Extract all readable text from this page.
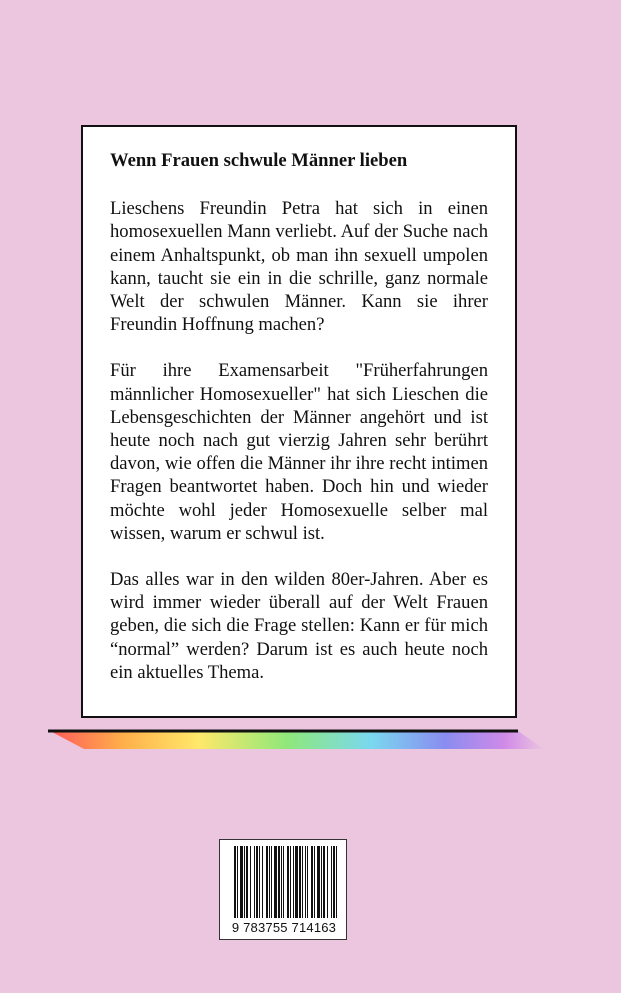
Wenn Frauen schwule Männer lieben
Lieschens Freundin Petra hat sich in einen homosexuellen Mann verliebt. Auf der Suche nach einem Anhaltspunkt, ob man ihn sexuell umpolen kann, taucht sie ein in die schrille, ganz normale Welt der schwulen Männer. Kann sie ihrer Freundin Hoffnung machen?
Für ihre Examensarbeit "Früherfahrungen männlicher Homosexueller" hat sich Lieschen die Lebensgeschichten der Männer angehört und ist heute noch nach gut vierzig Jahren sehr berührt davon, wie offen die Männer ihr ihre recht intimen Fragen beantwortet haben. Doch hin und wieder möchte wohl jeder Homosexuelle selber mal wissen, warum er schwul ist.
Das alles war in den wilden 80er-Jahren. Aber es wird immer wieder überall auf der Welt Frauen geben, die sich die Frage stellen: Kann er für mich “normal” werden? Darum ist es auch heute noch ein aktuelles Thema.
9 783755 714163
